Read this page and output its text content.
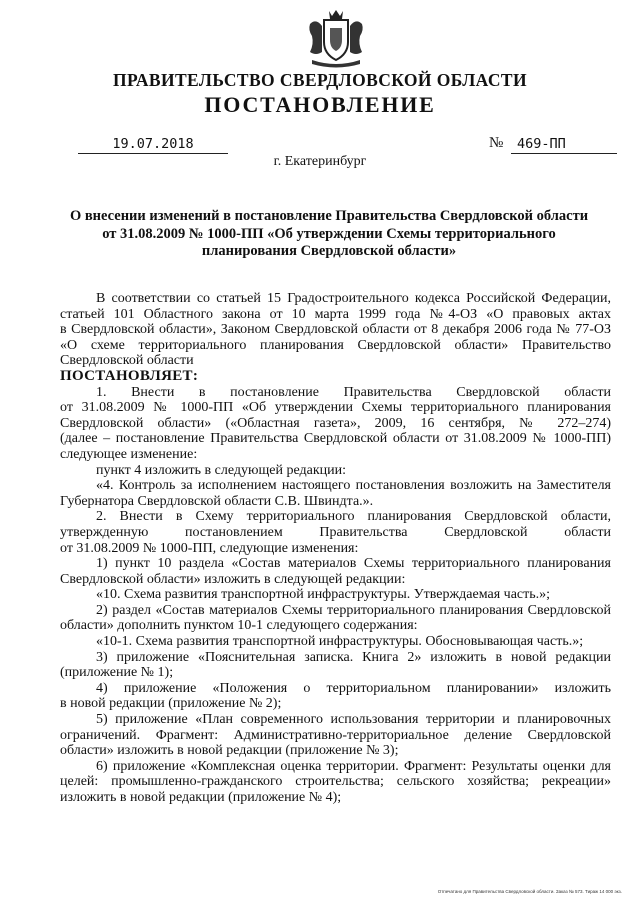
ПРАВИТЕЛЬСТВО СВЕРДЛОВСКОЙ ОБЛАСТИ
ПОСТАНОВЛЕНИЕ
19.07.2018	№	469-ПП
г. Екатеринбург
О внесении изменений в постановление Правительства Свердловской области
от 31.08.2009 № 1000-ПП «Об утверждении Схемы территориального
планирования Свердловской области»
В соответствии со статьей 15 Градостроительного кодекса Российской Федерации,
статьей 101 Областного закона от 10 марта 1999 года №4-ОЗ «О правовых актах
в Свердловской области», Законом Свердловской области от 8 декабря 2006 года № 77-ОЗ
«О схеме территориального планирования Свердловской области» Правительство
Свердловской области
ПОСТАНОВЛЯЕТ:
1. Внести в постановление Правительства Свердловской области
от 31.08.2009 № 1000-ПП «Об утверждении Схемы территориального планирования
Свердловской области» («Областная газета», 2009, 16 сентября, № 272–274)
(далее – постановление Правительства Свердловской области от 31.08.2009 № 1000-ПП)
следующее изменение:
пункт 4 изложить в следующей редакции:
«4. Контроль за исполнением настоящего постановления возложить на Заместителя
Губернатора Свердловской области С.В. Швиндта.».
2. Внести в Схему территориального планирования Свердловской области,
утвержденную постановлением Правительства Свердловской области
от 31.08.2009 № 1000-ПП, следующие изменения:
1) пункт 10 раздела «Состав материалов Схемы территориального планирования
Свердловской области» изложить в следующей редакции:
«10. Схема развития транспортной инфраструктуры. Утверждаемая часть.»;
2) раздел «Состав материалов Схемы территориального планирования Свердловской
области» дополнить пунктом 10-1 следующего содержания:
«10-1. Схема развития транспортной инфраструктуры. Обосновывающая часть.»;
3) приложение «Пояснительная записка. Книга 2» изложить в новой редакции
(приложение № 1);
4) приложение «Положения о территориальном планировании» изложить
в новой редакции (приложение № 2);
5) приложение «План современного использования территории и планировочных
ограничений. Фрагмент: Административно-территориальное деление Свердловской
области» изложить в новой редакции (приложение № 3);
6) приложение «Комплексная оценка территории. Фрагмент: Результаты оценки для
целей: промышленно-гражданского строительства; сельского хозяйства; рекреации»
изложить в новой редакции (приложение № 4);
Отпечатано для Правительства Свердловской области. Заказ № 573. Тираж 14 000 экз.
